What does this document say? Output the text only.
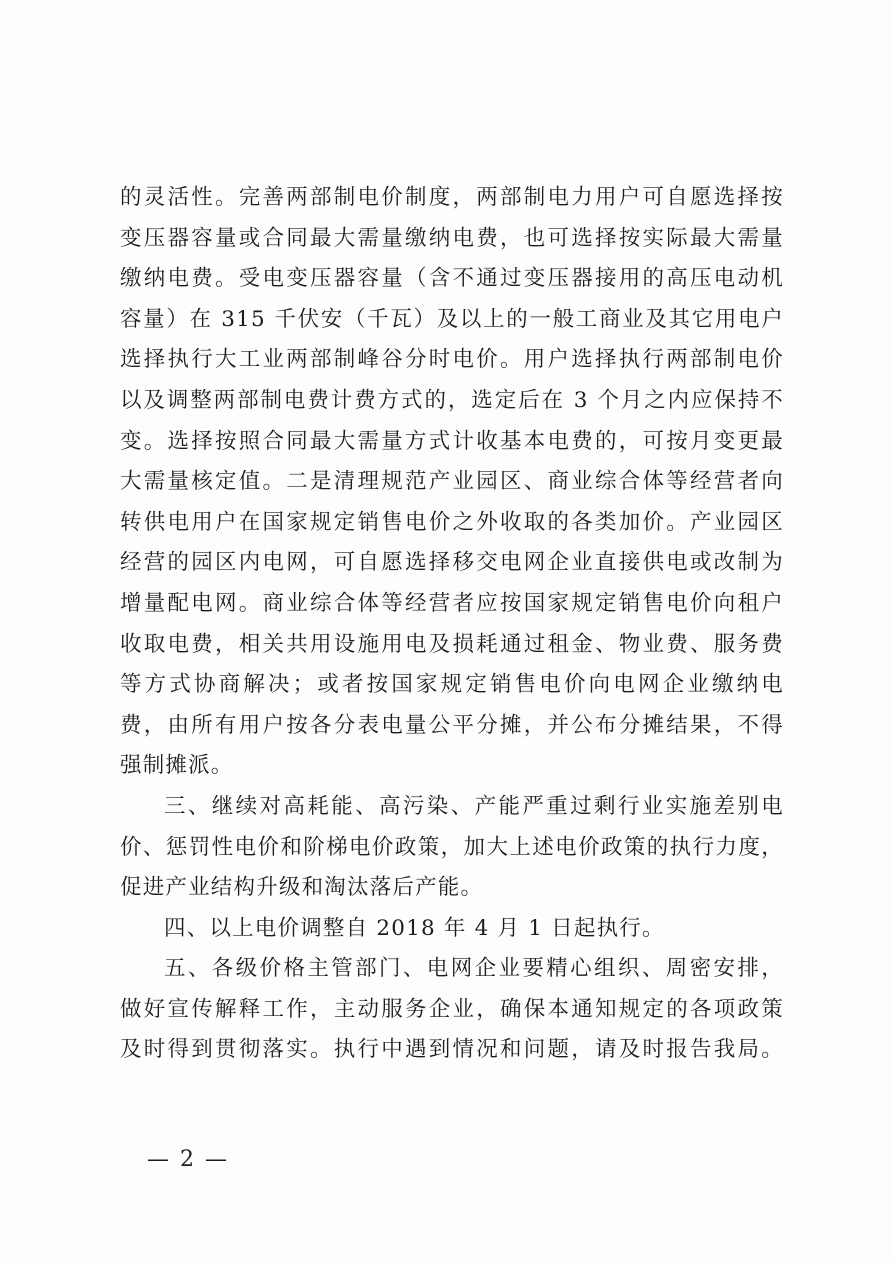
的灵活性。完善两部制电价制度，两部制电力用户可自愿选择按
变压器容量或合同最大需量缴纳电费，也可选择按实际最大需量
缴纳电费。受电变压器容量（含不通过变压器接用的高压电动机
容量）在 315 千伏安（千瓦）及以上的一般工商业及其它用电户
选择执行大工业两部制峰谷分时电价。用户选择执行两部制电价
以及调整两部制电费计费方式的，选定后在 3 个月之内应保持不
变。选择按照合同最大需量方式计收基本电费的，可按月变更最
大需量核定值。二是清理规范产业园区、商业综合体等经营者向
转供电用户在国家规定销售电价之外收取的各类加价。产业园区
经营的园区内电网，可自愿选择移交电网企业直接供电或改制为
增量配电网。商业综合体等经营者应按国家规定销售电价向租户
收取电费，相关共用设施用电及损耗通过租金、物业费、服务费
等方式协商解决；或者按国家规定销售电价向电网企业缴纳电
费，由所有用户按各分表电量公平分摊，并公布分摊结果，不得
强制摊派。
三、继续对高耗能、高污染、产能严重过剩行业实施差别电
价、惩罚性电价和阶梯电价政策，加大上述电价政策的执行力度，
促进产业结构升级和淘汰落后产能。
四、以上电价调整自 2018 年 4 月 1 日起执行。
五、各级价格主管部门、电网企业要精心组织、周密安排，
做好宣传解释工作，主动服务企业，确保本通知规定的各项政策
及时得到贯彻落实。执行中遇到情况和问题，请及时报告我局。
— 2 —
